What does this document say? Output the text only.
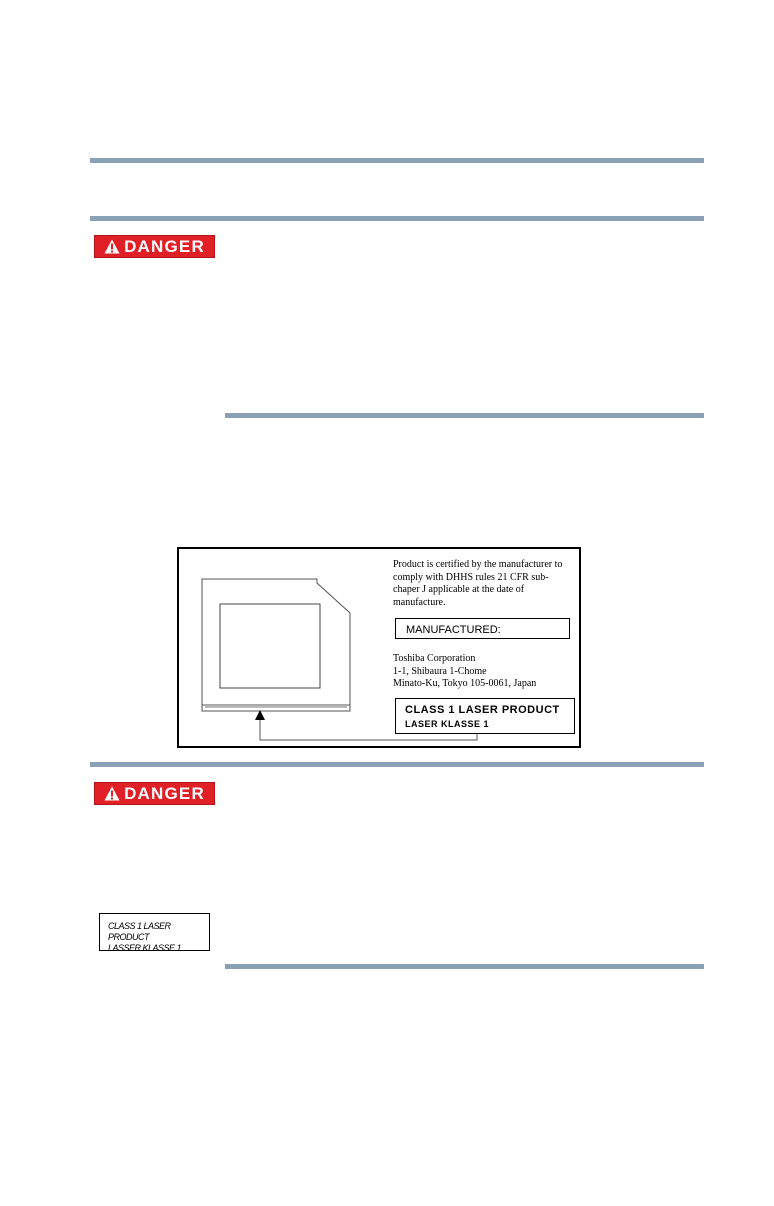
DANGER
Product is certified by the manufacturer to
comply with DHHS rules 21 CFR sub-
chaper J applicable at the date of
manufacture.
MANUFACTURED:
Toshiba Corporation
1-1, Shibaura 1-Chome
Minato-Ku, Tokyo 105-0061, Japan
CLASS 1 LASER PRODUCT
LASER KLASSE 1
DANGER
CLASS 1 LASER PRODUCT
LASSER KLASSE 1
